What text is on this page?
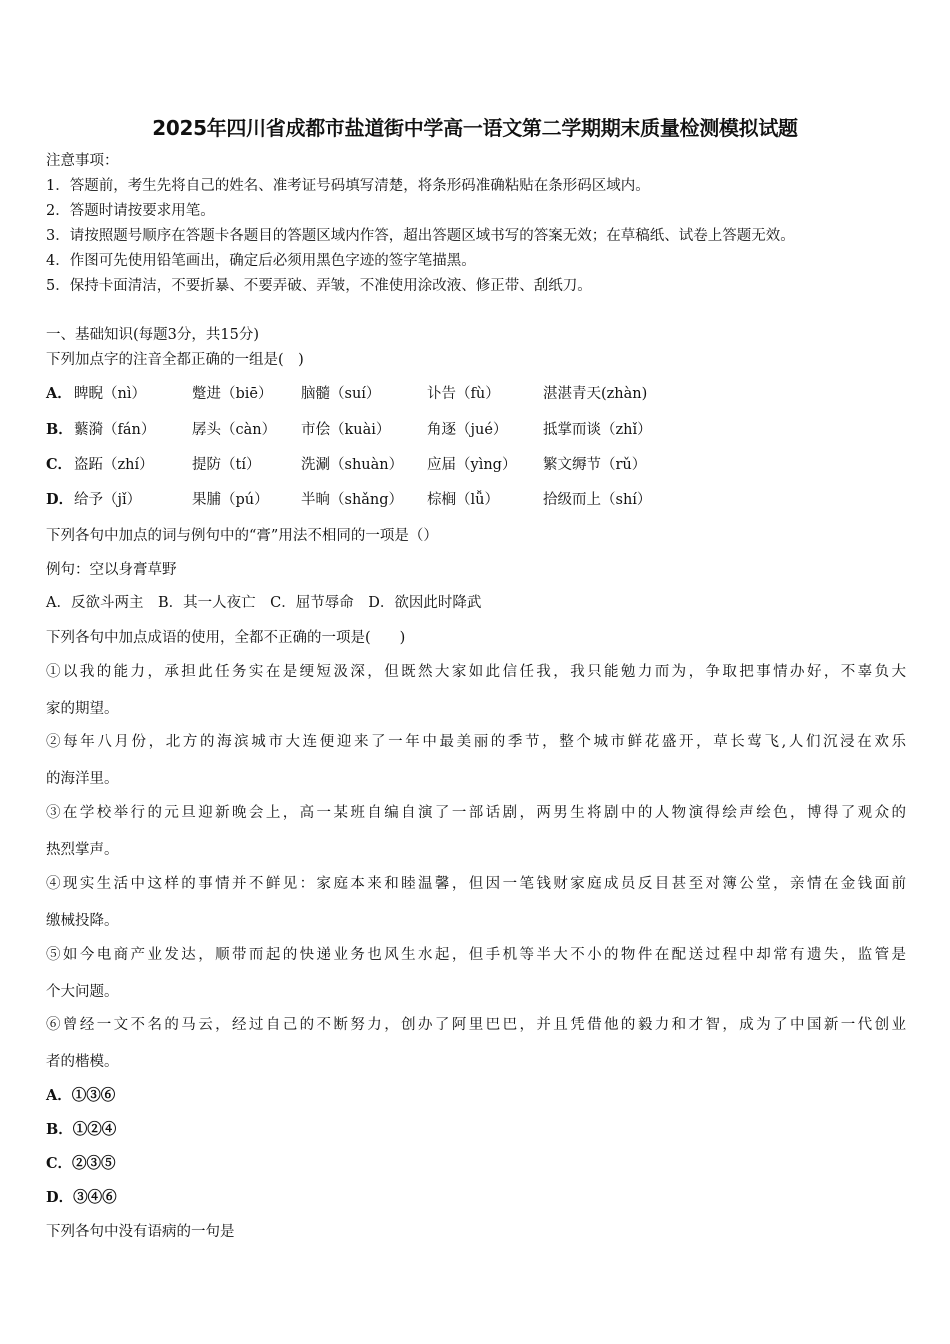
2025年四川省成都市盐道街中学高一语文第二学期期末质量检测模拟试题
注意事项：
1．答题前，考生先将自己的姓名、准考证号码填写清楚，将条形码准确粘贴在条形码区域内。
2．答题时请按要求用笔。
3．请按照题号顺序在答题卡各题目的答题区域内作答，超出答题区域书写的答案无效；在草稿纸、试卷上答题无效。
4．作图可先使用铅笔画出，确定后必须用黑色字迹的签字笔描黑。
5．保持卡面清洁，不要折暴、不要弄破、弄皱，不准使用涂改液、修正带、刮纸刀。
一、基础知识(每题3分，共15分)
下列加点字的注音全都正确的一组是(　)
A． 睥睨（nì）	蹩进（biē） 脑髓（suí）	讣告（fù）	湛湛青天(zhàn)
B． 蘩漪（fán）	孱头（càn） 市侩（kuài）	角逐（jué） 抵掌而谈（zhǐ）
C． 盗跖（zhí）	提防（tí）	洗涮（shuàn） 应届（yìng） 繁文缛节（rǔ）
D． 给予（jǐ）	果脯（pú） 半晌（shǎng） 棕榈（lǚ）	拾级而上（shí）
下列各句中加点的词与例句中的“膏”用法不相同的一项是（）
例句：空以身膏草野
A．反欲斗两主　B．其一人夜亡　C．屈节辱命　D．欲因此时降武
下列各句中加点成语的使用，全都不正确的一项是(　　)
①以我的能力，承担此任务实在是绠短汲深，但既然大家如此信任我，我只能勉力而为，争取把事情办好，不辜负大
家的期望。
②每年八月份，北方的海滨城市大连便迎来了一年中最美丽的季节，整个城市鲜花盛开，草长莺飞,人们沉浸在欢乐
的海洋里。
③在学校举行的元旦迎新晚会上，高一某班自编自演了一部话剧，两男生将剧中的人物演得绘声绘色，博得了观众的
热烈掌声。
④现实生活中这样的事情并不鲜见：家庭本来和睦温馨，但因一笔钱财家庭成员反目甚至对簿公堂，亲情在金钱面前
缴械投降。
⑤如今电商产业发达，顺带而起的快递业务也风生水起，但手机等半大不小的物件在配送过程中却常有遗失，监管是
个大问题。
⑥曾经一文不名的马云，经过自己的不断努力，创办了阿里巴巴，并且凭借他的毅力和才智，成为了中国新一代创业
者的楷模。
A．①③⑥
B．①②④
C．②③⑤
D．③④⑥
下列各句中没有语病的一句是
